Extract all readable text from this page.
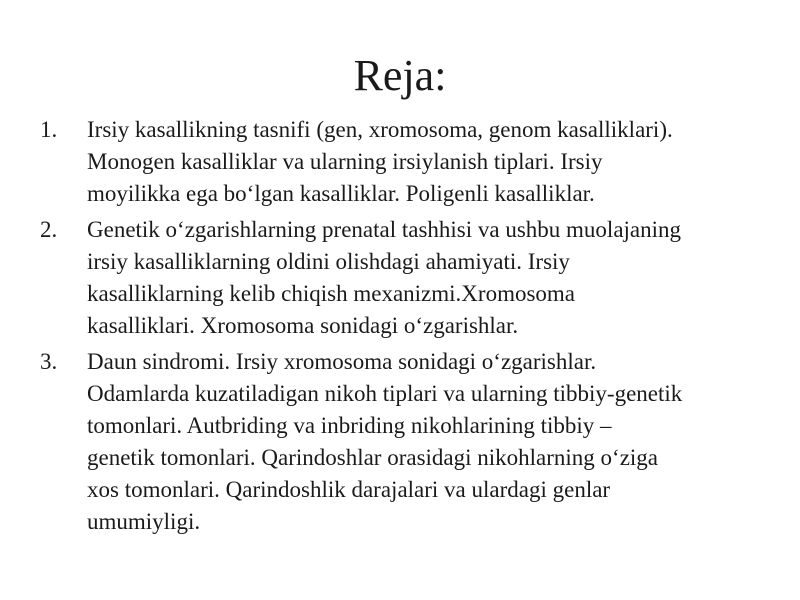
Reja:
1.	Irsiy kasallikning tasnifi (gen, xromosoma, genom kasalliklari).
Monogen kasalliklar va ularning irsiylanish tiplari. Irsiy
moyilikka ega bo‘lgan kasalliklar. Poligenli kasalliklar.
2.	Genetik o‘zgarishlarning prenatal tashhisi va ushbu muolajaning
irsiy kasalliklarning oldini olishdagi ahamiyati. Irsiy
kasalliklarning kelib chiqish mexanizmi.Xromosoma
kasalliklari. Xromosoma sonidagi o‘zgarishlar.
3.	Daun sindromi. Irsiy xromosoma sonidagi o‘zgarishlar.
Odamlarda kuzatiladigan nikoh tiplari va ularning tibbiy-genetik
tomonlari. Autbriding va inbriding nikohlarining tibbiy –
genetik tomonlari. Qarindoshlar orasidagi nikohlarning o‘ziga
xos tomonlari. Qarindoshlik darajalari va ulardagi genlar
umumiyligi.
